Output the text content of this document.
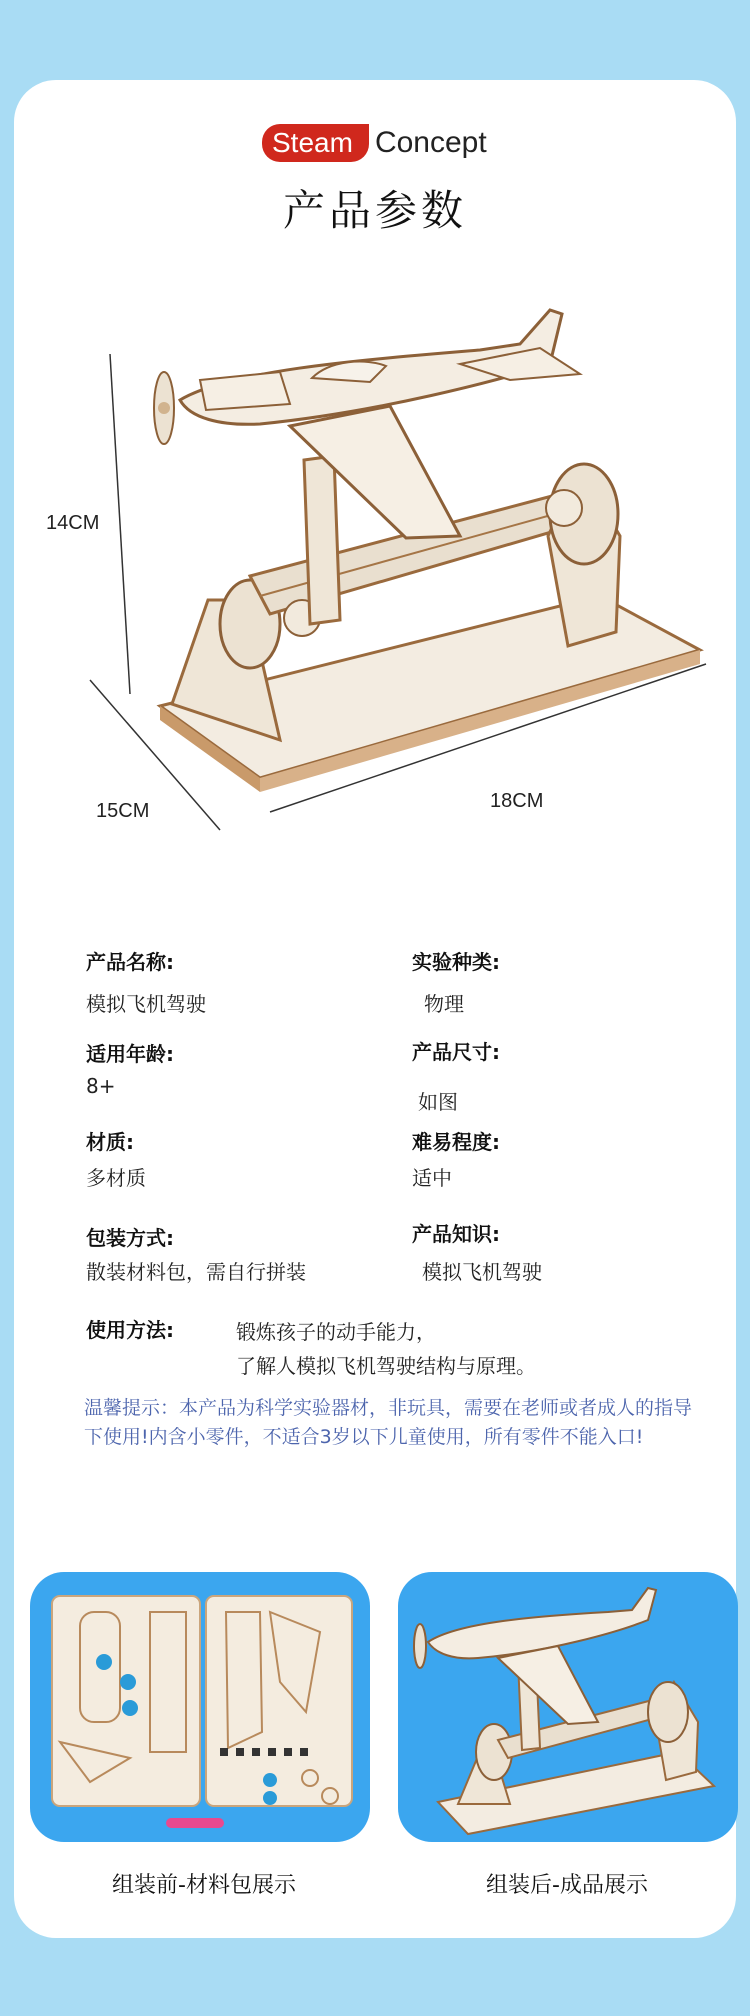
Steam Concept
产品参数
14CM
15CM	18CM
产品名称:
模拟飞机驾驶
实验种类:
物理
适用年龄:
8+
产品尺寸:
如图
材质:
多材质
难易程度:
适中
包装方式:
散装材料包，需自行拼装
产品知识:
模拟飞机驾驶
使用方法:	锻炼孩子的动手能力，
了解人模拟飞机驾驶结构与原理。
温馨提示：本产品为科学实验器材，非玩具，需要在老师或者成人的指导下使用!内含小零件，不适合3岁以下儿童使用，所有零件不能入口!
组装前-材料包展示	组装后-成品展示
